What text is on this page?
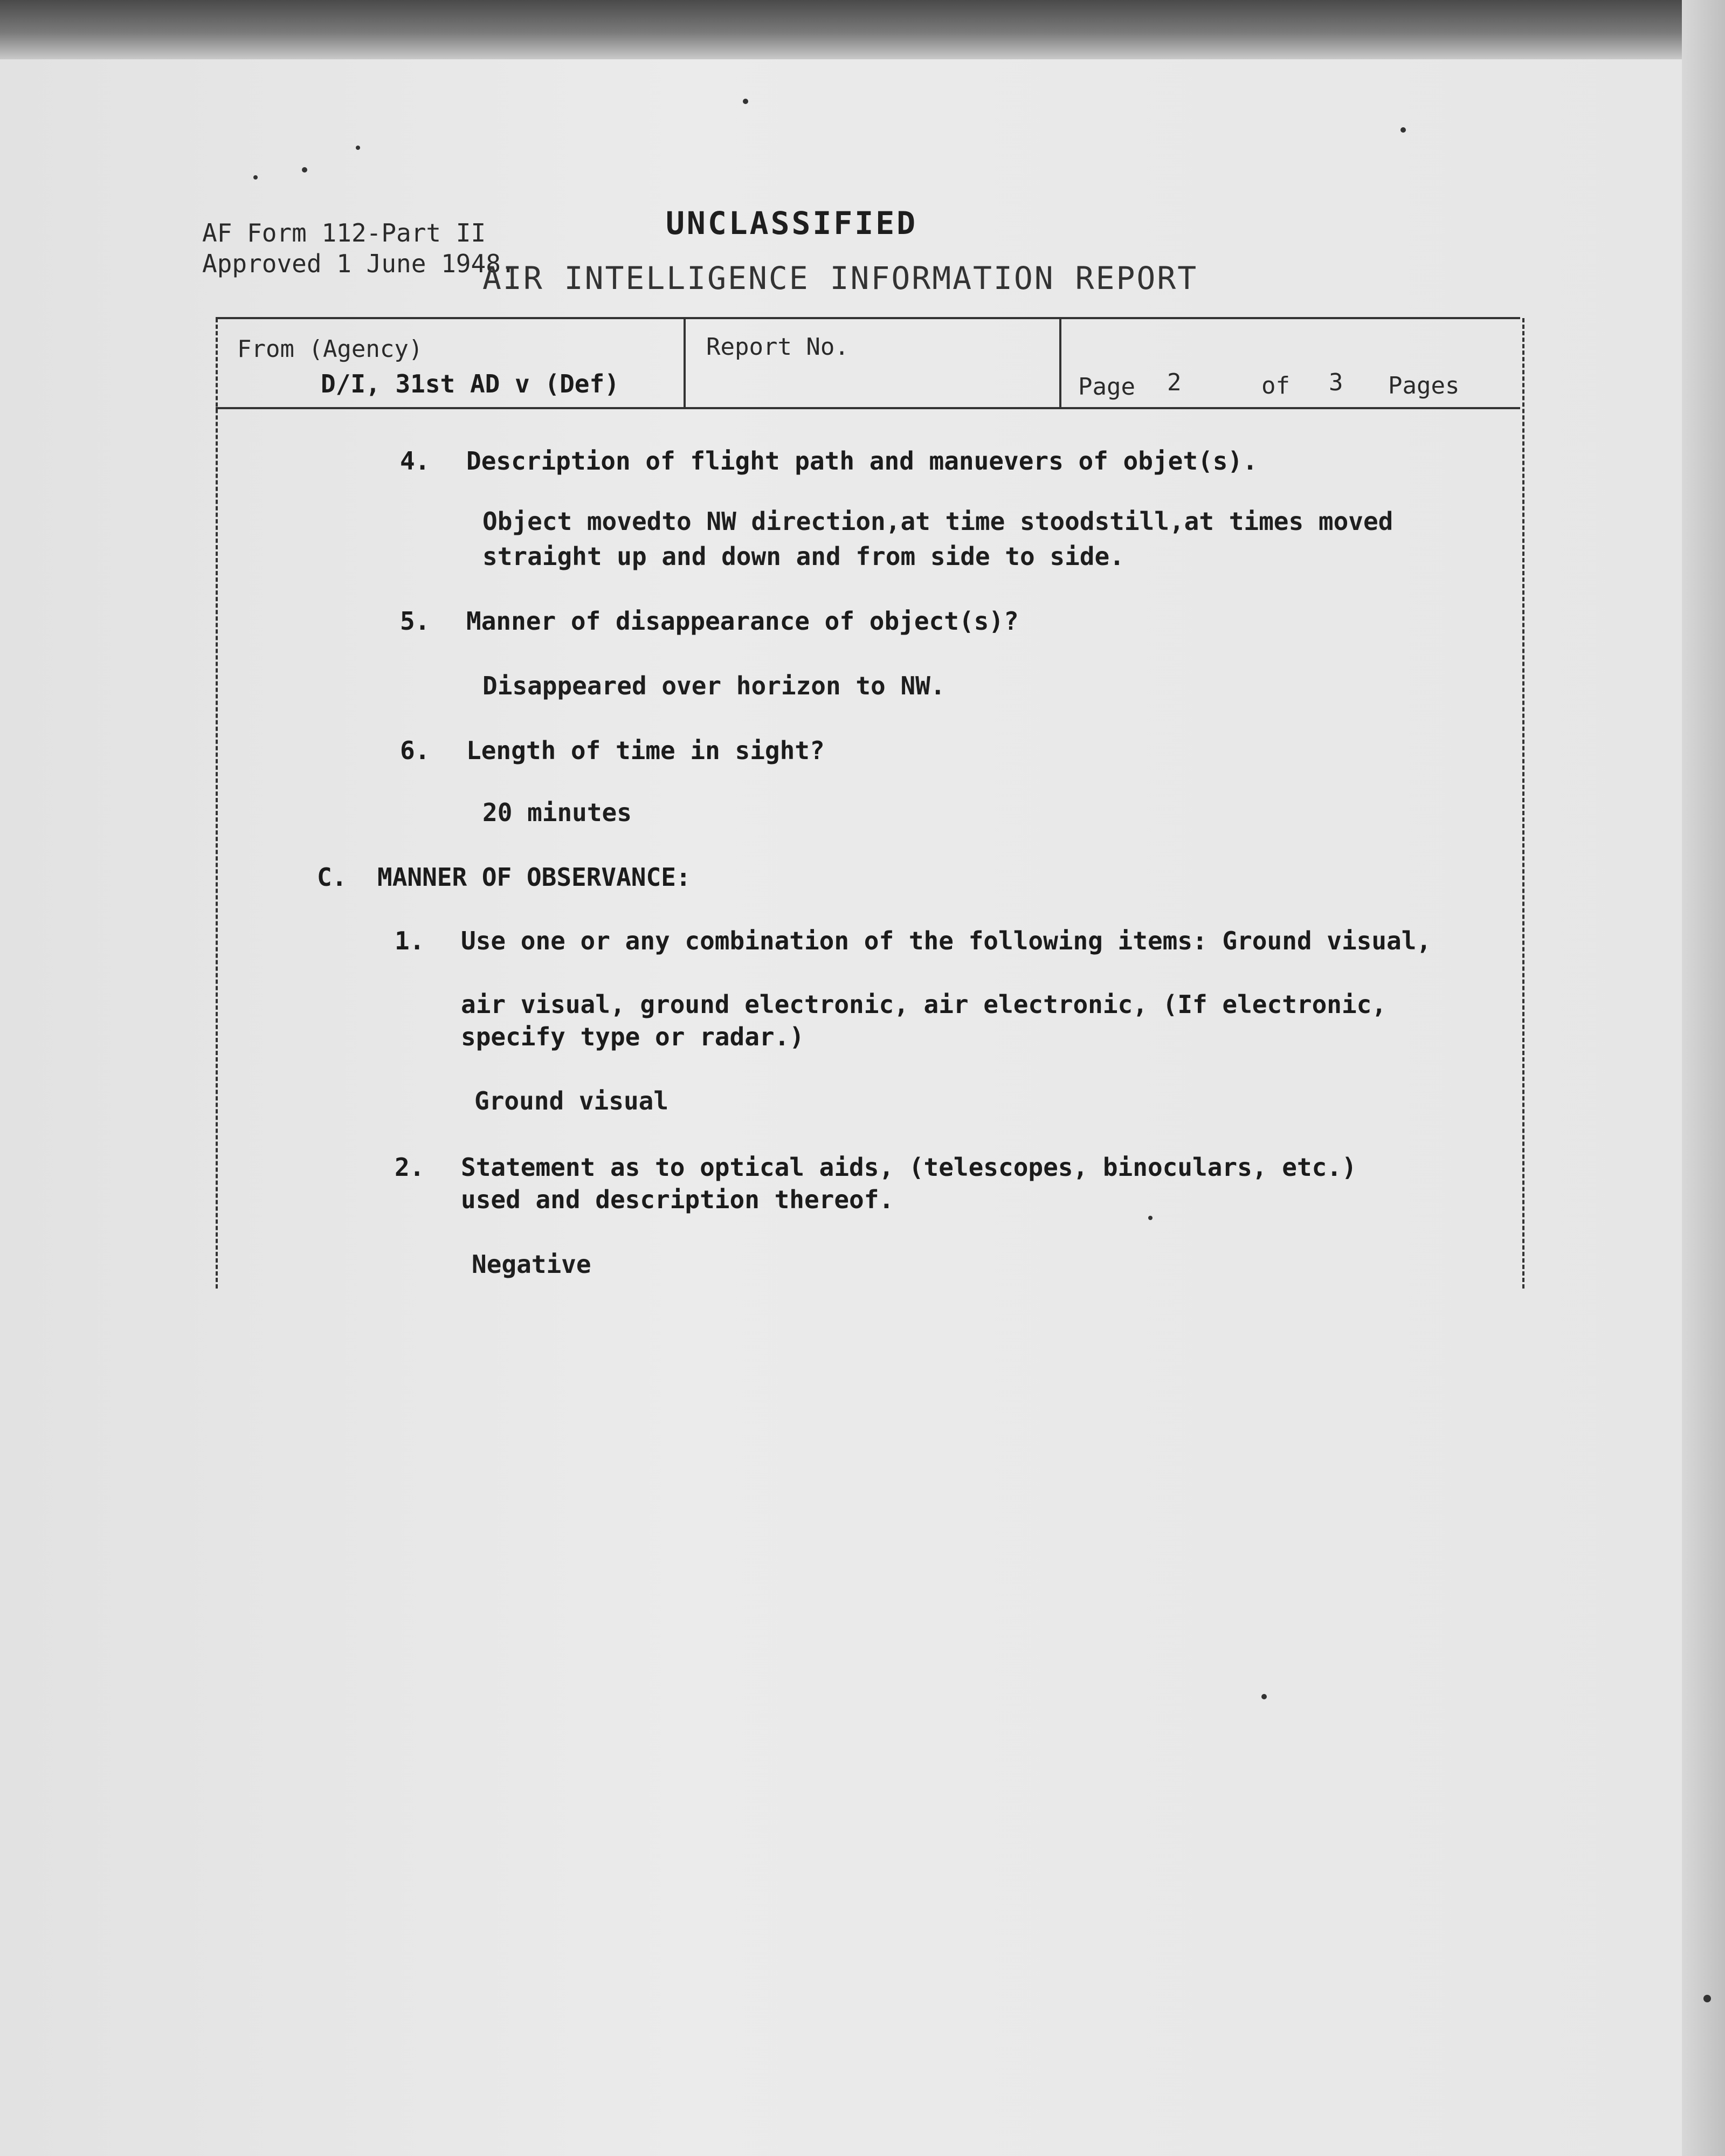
AF Form 112-Part II
Approved 1 June 1948.
UNCLASSIFIED
AIR INTELLIGENCE INFORMATION REPORT
From (Agency)
D/I, 31st AD v (Def)
Report No.
Page 2	of 3 Pages
4. Description of flight path and manuevers of objet(s).
Object movedto NW direction,at time stoodstill,at times moved
straight up and down and from side to side.
5. Manner of disappearance of object(s)?
Disappeared over horizon to NW.
6. Length of time in sight?
20 minutes
C. MANNER OF OBSERVANCE:
1. Use one or any combination of the following items: Ground visual,
air visual, ground electronic, air electronic, (If electronic,
specify type or radar.)
Ground visual
2. Statement as to optical aids, (telescopes, binoculars, etc.)
used and description thereof.
Negative
